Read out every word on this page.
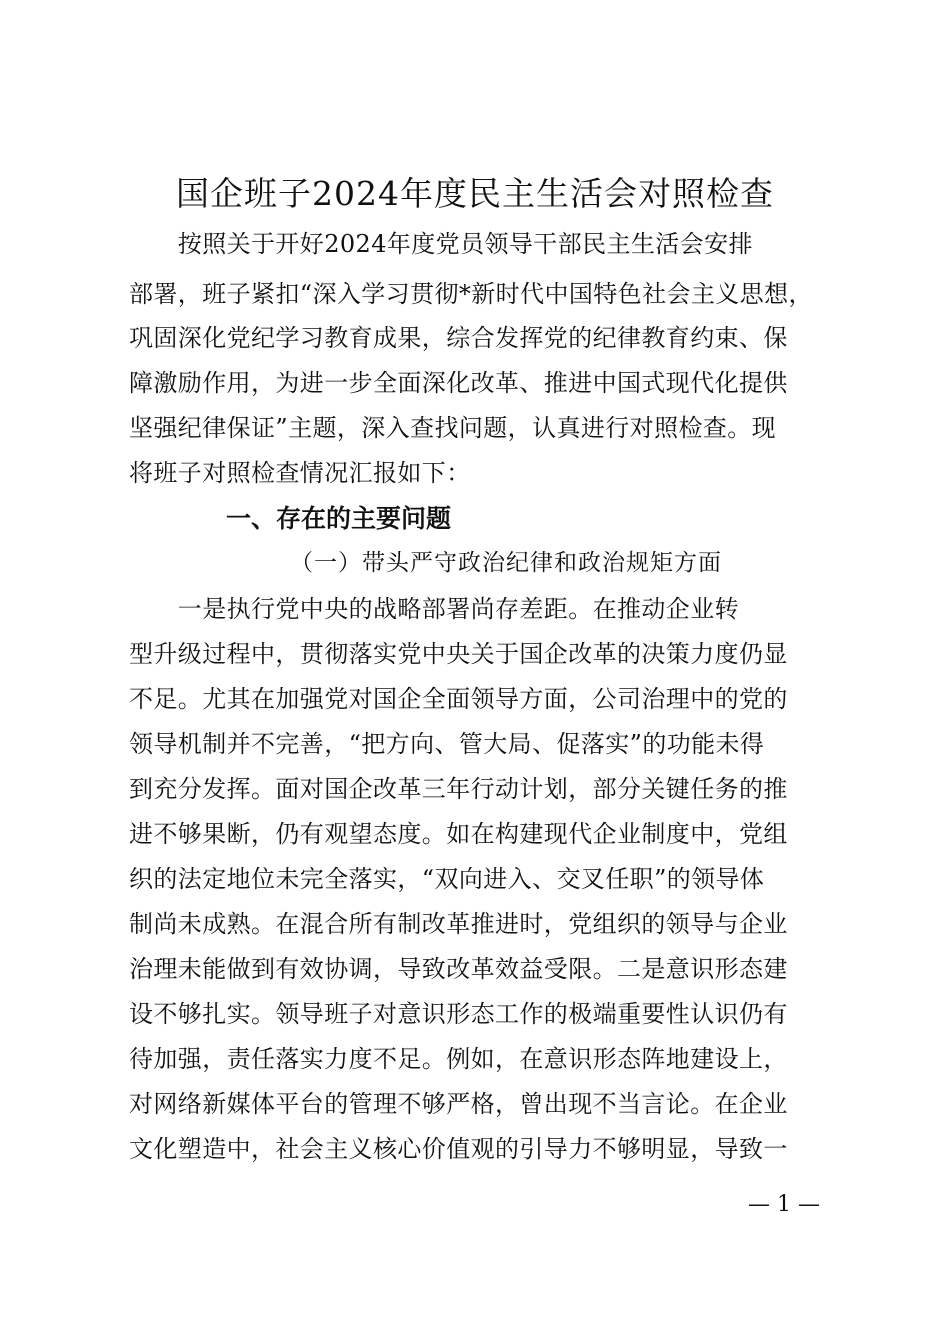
国企班子2024年度民主生活会对照检查
　　按照关于开好2024年度党员领导干部民主生活会安排
部署，班子紧扣“深入学习贯彻*新时代中国特色社会主义思想，
巩固深化党纪学习教育成果，综合发挥党的纪律教育约束、保
障激励作用，为进一步全面深化改革、推进中国式现代化提供
坚强纪律保证”主题，深入查找问题，认真进行对照检查。现
将班子对照检查情况汇报如下：
一、存在的主要问题
（一）带头严守政治纪律和政治规矩方面
　　一是执行党中央的战略部署尚存差距。在推动企业转
型升级过程中，贯彻落实党中央关于国企改革的决策力度仍显
不足。尤其在加强党对国企全面领导方面，公司治理中的党的
领导机制并不完善，“把方向、管大局、促落实”的功能未得
到充分发挥。面对国企改革三年行动计划，部分关键任务的推
进不够果断，仍有观望态度。如在构建现代企业制度中，党组
织的法定地位未完全落实，“双向进入、交叉任职”的领导体
制尚未成熟。在混合所有制改革推进时，党组织的领导与企业
治理未能做到有效协调，导致改革效益受限。二是意识形态建
设不够扎实。领导班子对意识形态工作的极端重要性认识仍有
待加强，责任落实力度不足。例如，在意识形态阵地建设上，
对网络新媒体平台的管理不够严格，曾出现不当言论。在企业
文化塑造中，社会主义核心价值观的引导力不够明显，导致一
— 1 —
